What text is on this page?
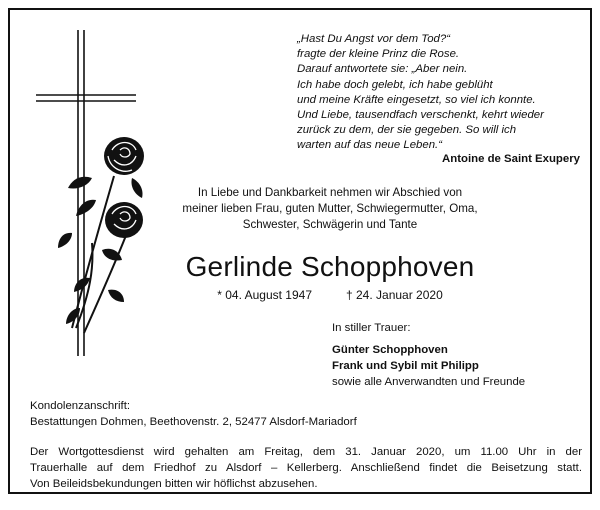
„Hast Du Angst vor dem Tod?“
fragte der kleine Prinz die Rose.
Darauf antwortete sie: „Aber nein.
Ich habe doch gelebt, ich habe geblüht
und meine Kräfte eingesetzt, so viel ich konnte.
Und Liebe, tausendfach verschenkt, kehrt wieder
zurück zu dem, der sie gegeben. So will ich
warten auf das neue Leben.“
Antoine de Saint Exupery
In Liebe und Dankbarkeit nehmen wir Abschied von
meiner lieben Frau, guten Mutter, Schwiegermutter, Oma,
Schwester, Schwägerin und Tante
Gerlinde Schopphoven
* 04. August 1947	† 24. Januar 2020
In stiller Trauer:
Günter Schopphoven
Frank und Sybil mit Philipp
sowie alle Anverwandten und Freunde
Kondolenzanschrift:
Bestattungen Dohmen, Beethovenstr. 2, 52477 Alsdorf-Mariadorf
Der Wortgottesdienst wird gehalten am Freitag, dem 31. Januar 2020, um 11.00 Uhr in der
Trauerhalle auf dem Friedhof zu Alsdorf – Kellerberg. Anschließend findet die Beisetzung statt.
Von Beileidsbekundungen bitten wir höflichst abzusehen.
